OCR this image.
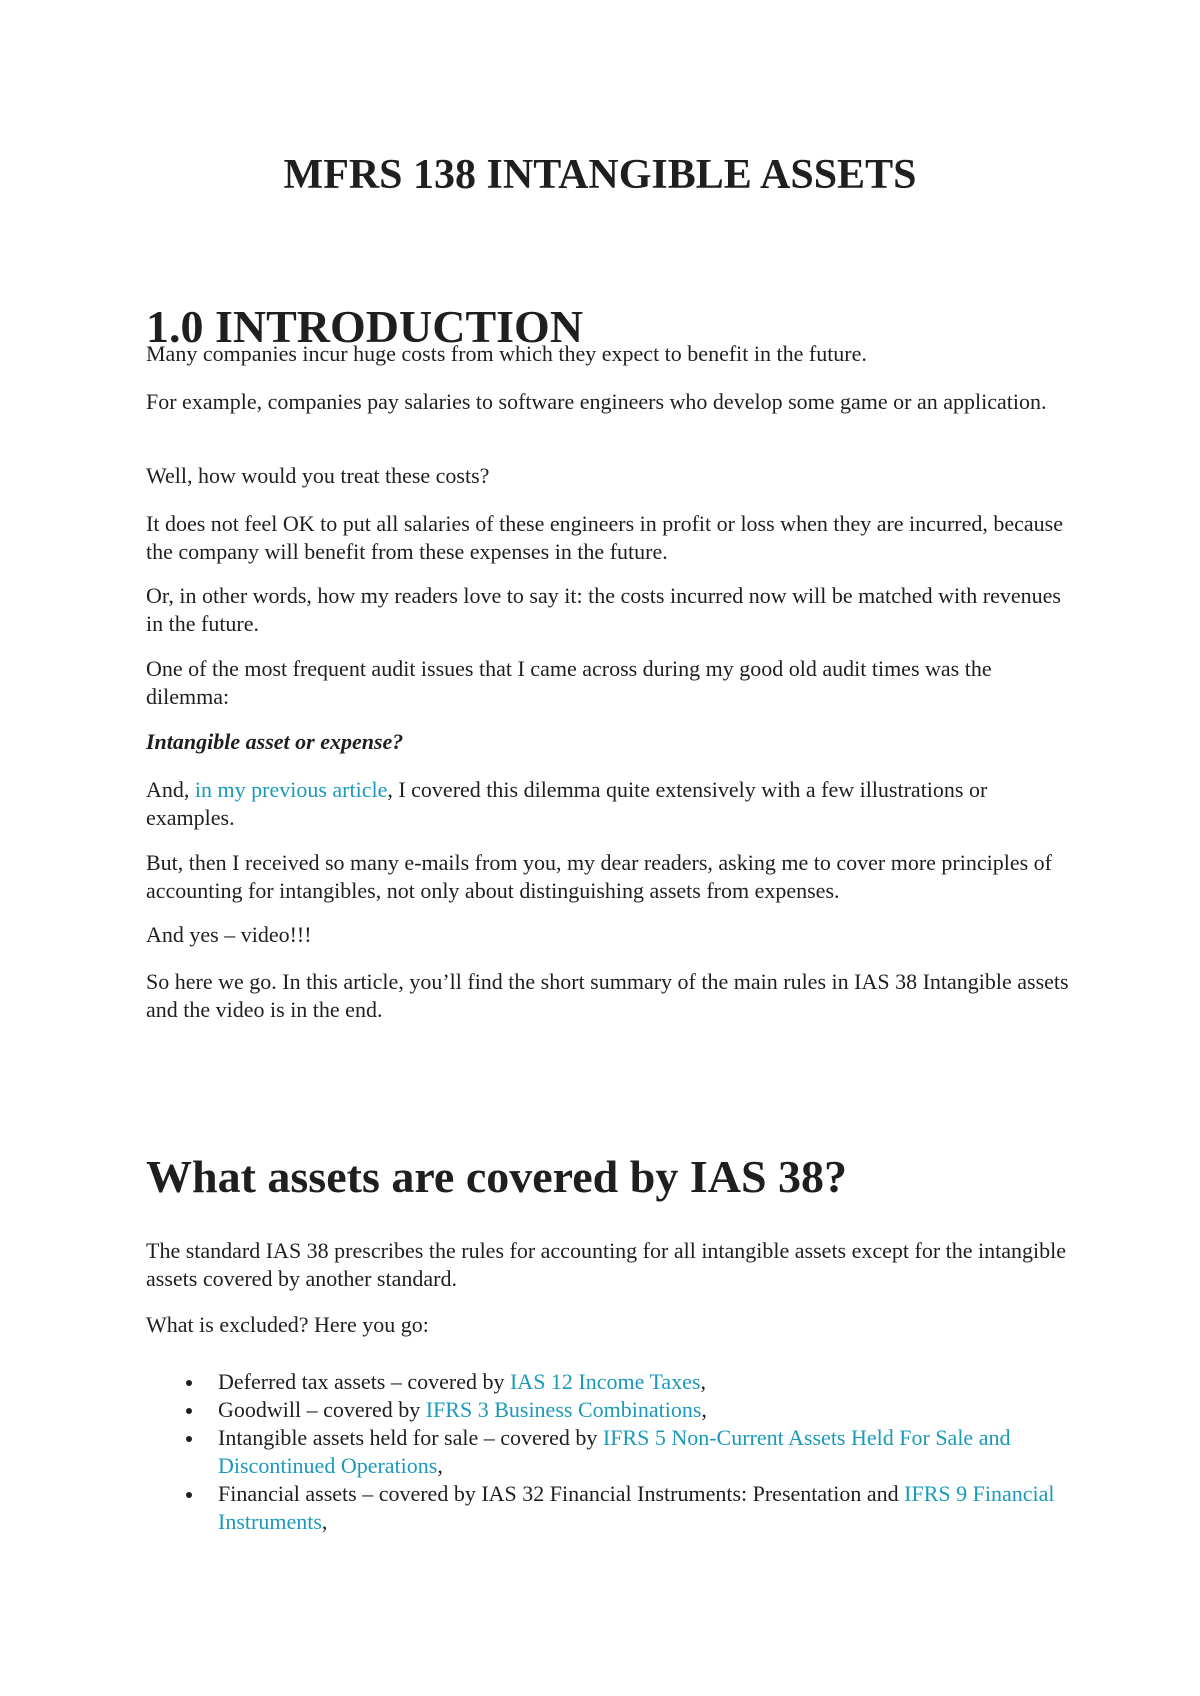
MFRS 138 INTANGIBLE ASSETS
1.0 INTRODUCTION

Many companies incur huge costs from which they expect to benefit in the future.

For example, companies pay salaries to software engineers who develop some game or an application.

Well, how would you treat these costs?

It does not feel OK to put all salaries of these engineers in profit or loss when they are incurred, because the company will benefit from these expenses in the future.

Or, in other words, how my readers love to say it: the costs incurred now will be matched with revenues in the future.

One of the most frequent audit issues that I came across during my good old audit times was the dilemma:

Intangible asset or expense?

And, in my previous article, I covered this dilemma quite extensively with a few illustrations or examples.

But, then I received so many e-mails from you, my dear readers, asking me to cover more principles of accounting for intangibles, not only about distinguishing assets from expenses.

And yes – video!!!

So here we go. In this article, you’ll find the short summary of the main rules in IAS 38 Intangible assets and the video is in the end.

What assets are covered by IAS 38?

The standard IAS 38 prescribes the rules for accounting for all intangible assets except for the intangible assets covered by another standard.

What is excluded? Here you go:

Deferred tax assets – covered by IAS 12 Income Taxes,
Goodwill – covered by IFRS 3 Business Combinations,
Intangible assets held for sale – covered by IFRS 5 Non-Current Assets Held For Sale and Discontinued Operations,
Financial assets – covered by IAS 32 Financial Instruments: Presentation and IFRS 9 Financial Instruments,
